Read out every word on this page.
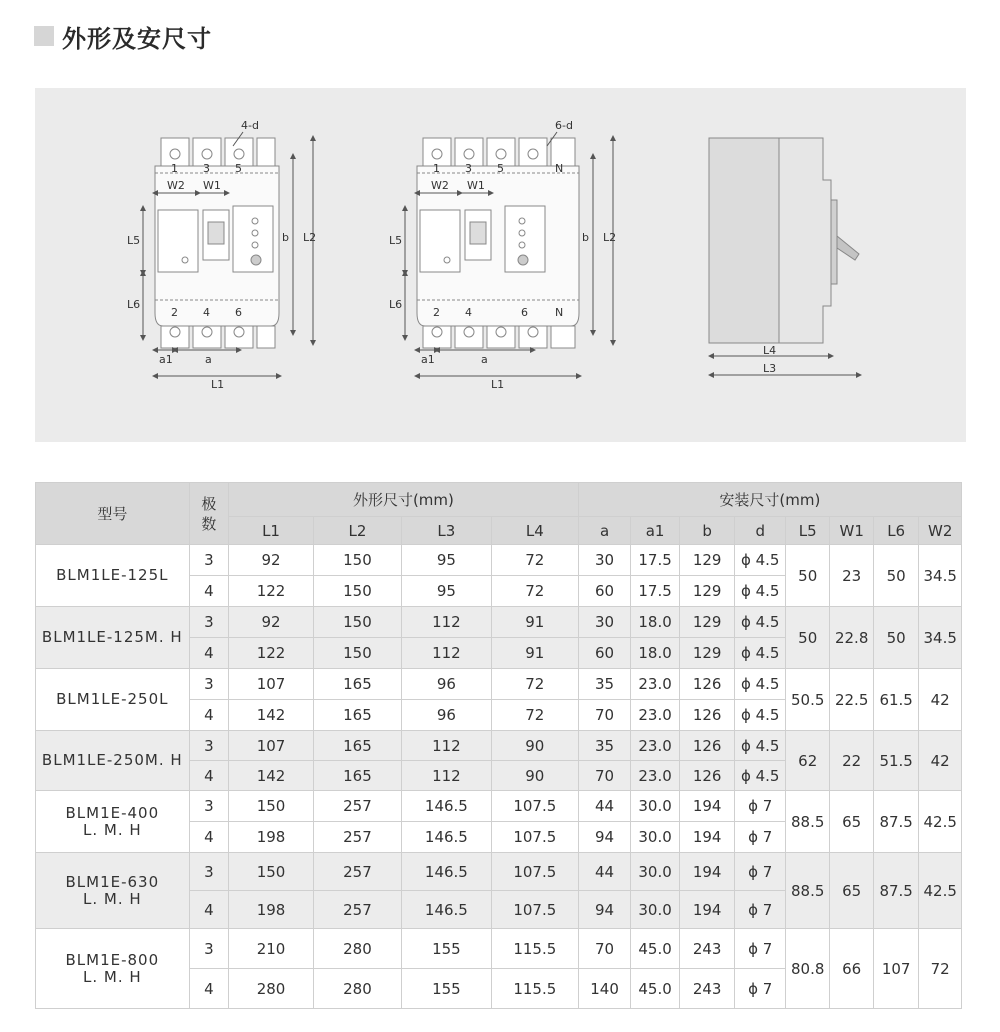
外形及安尺寸
1 3 5
2 4 6
4-d
W2 W1
L5
L6
b L2
a1	a
L1
1 3 5	N
2 4	6 N
6-d
W2 W1
L5
L6
b L2
a1	a
L1
L4
L3
型号	极
数	外形尺寸(mm)				安装尺寸(mm)							
		L1	L2	L3	L4	a	a1	b	d	L5	W1	L6	W2
BLM1LE-125L	3	92	150	95	72	30	17.5	129	ϕ 4.5	50	23	50	34.5
	4	122	150	95	72	60	17.5	129	ϕ 4.5				
BLM1LE-125M. H	3	92	150	112	91	30	18.0	129	ϕ 4.5	50	22.8	50	34.5
	4	122	150	112	91	60	18.0	129	ϕ 4.5				
BLM1LE-250L	3	107	165	96	72	35	23.0	126	ϕ 4.5	50.5	22.5	61.5	42
	4	142	165	96	72	70	23.0	126	ϕ 4.5				
BLM1LE-250M. H	3	107	165	112	90	35	23.0	126	ϕ 4.5	62	22	51.5	42
	4	142	165	112	90	70	23.0	126	ϕ 4.5				
BLM1E-400
L. M. H	3	150	257	146.5	107.5	44	30.0	194	ϕ 7	88.5	65	87.5	42.5
	4	198	257	146.5	107.5	94	30.0	194	ϕ 7				
BLM1E-630
L. M. H	3	150	257	146.5	107.5	44	30.0	194	ϕ 7	88.5	65	87.5	42.5
	4	198	257	146.5	107.5	94	30.0	194	ϕ 7				
BLM1E-800
L. M. H	3	210	280	155	115.5	70	45.0	243	ϕ 7	80.8	66	107	72
	4	280	280	155	115.5	140	45.0	243	ϕ 7				
